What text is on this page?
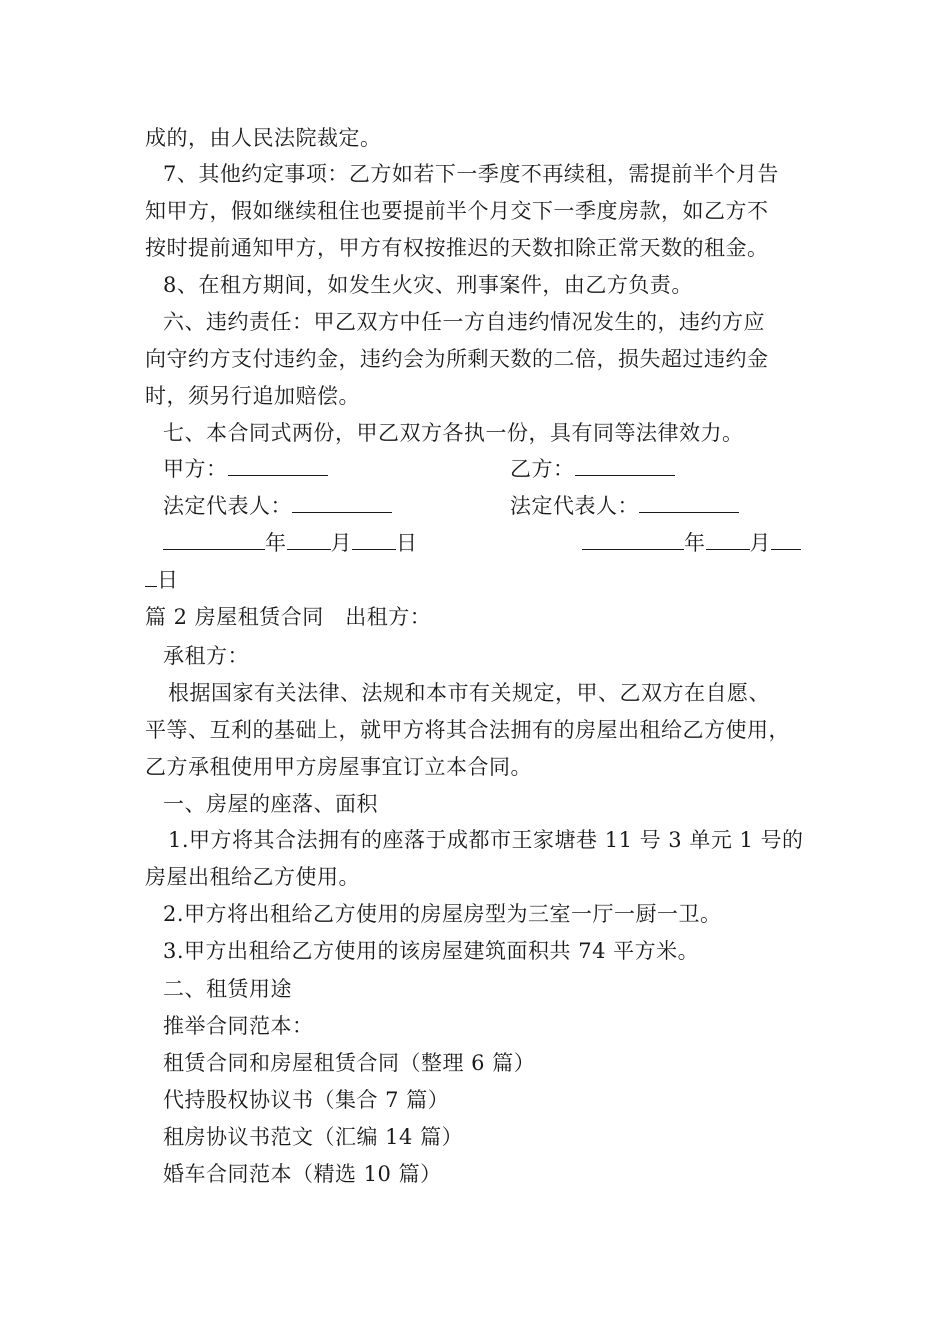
成的，由人民法院裁定。
7、其他约定事项：乙方如若下一季度不再续租，需提前半个月告
知甲方，假如继续租住也要提前半个月交下一季度房款，如乙方不
按时提前通知甲方，甲方有权按推迟的天数扣除正常天数的租金。
8、在租方期间，如发生火灾、刑事案件，由乙方负责。
六、违约责任：甲乙双方中任一方自违约情况发生的，违约方应
向守约方支付违约金，违约会为所剩天数的二倍，损失超过违约金
时，须另行追加赔偿。
七、本合同式两份，甲乙双方各执一份，具有同等法律效力。
甲方：	乙方：
法定代表人：	法定代表人：
年 月 日	年 月
日
篇 2 房屋租赁合同　出租方：
承租方：
根据国家有关法律、法规和本市有关规定，甲、乙双方在自愿、
平等、互利的基础上，就甲方将其合法拥有的房屋出租给乙方使用，
乙方承租使用甲方房屋事宜订立本合同。
一、房屋的座落、面积
1.甲方将其合法拥有的座落于成都市王家塘巷 11 号 3 单元 1 号的
房屋出租给乙方使用。
2.甲方将出租给乙方使用的房屋房型为三室一厅一厨一卫。
3.甲方出租给乙方使用的该房屋建筑面积共 74 平方米。
二、租赁用途
推举合同范本：
租赁合同和房屋租赁合同（整理 6 篇）
代持股权协议书（集合 7 篇）
租房协议书范文（汇编 14 篇）
婚车合同范本（精选 10 篇）
